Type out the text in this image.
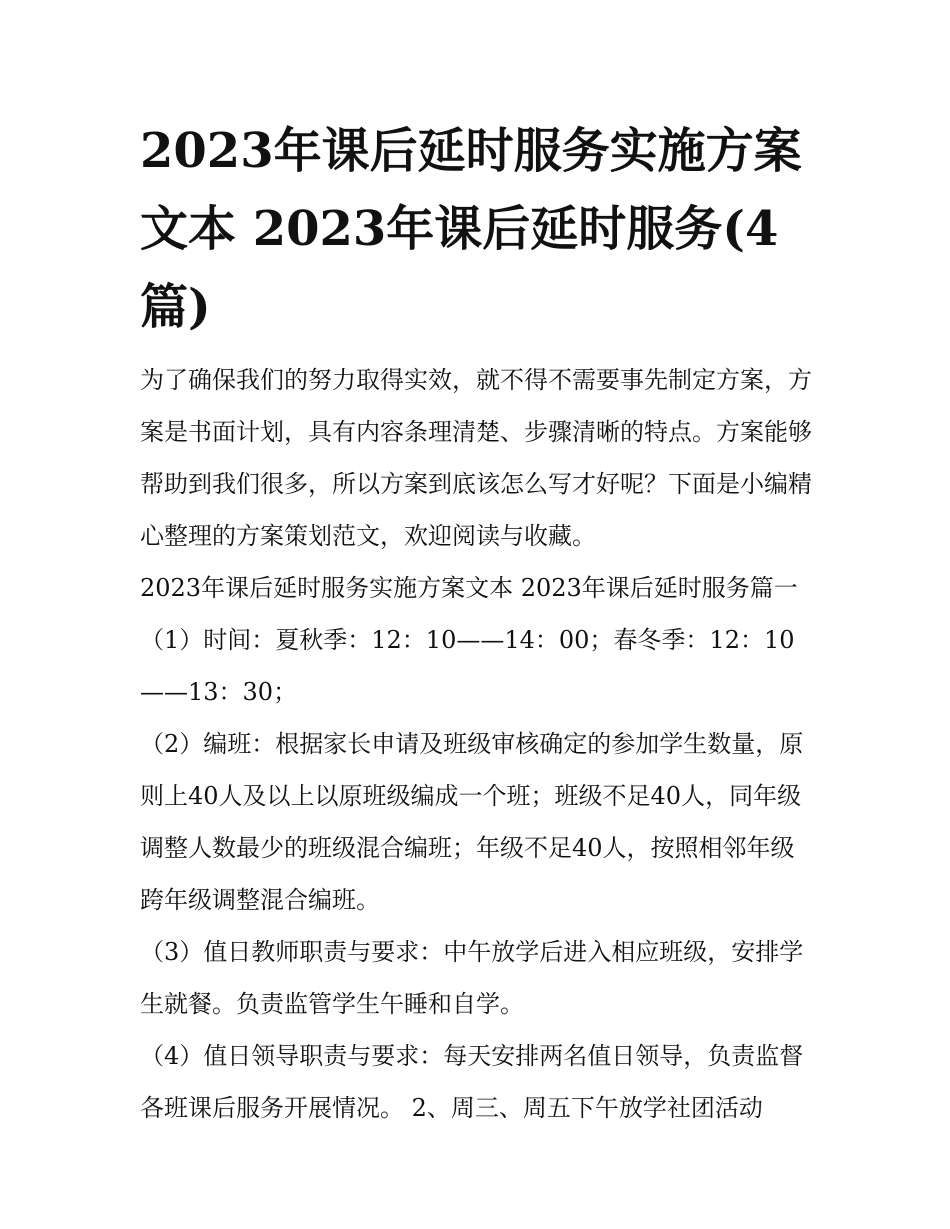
2023年课后延时服务实施方案文本 2023年课后延时服务(4篇)

为了确保我们的努力取得实效，就不得不需要事先制定方案，方案是书面计划，具有内容条理清楚、步骤清晰的特点。方案能够帮助到我们很多，所以方案到底该怎么写才好呢？下面是小编精心整理的方案策划范文，欢迎阅读与收藏。

2023年课后延时服务实施方案文本 2023年课后延时服务篇一

（1）时间：夏秋季：12：10——14：00；春冬季：12：10——13：30；

（2）编班：根据家长申请及班级审核确定的参加学生数量，原则上40人及以上以原班级编成一个班；班级不足40人，同年级调整人数最少的班级混合编班；年级不足40人，按照相邻年级跨年级调整混合编班。

（3）值日教师职责与要求：中午放学后进入相应班级，安排学生就餐。负责监管学生午睡和自学。

（4）值日领导职责与要求：每天安排两名值日领导，负责监督各班课后服务开展情况。 2、周三、周五下午放学社团活动
